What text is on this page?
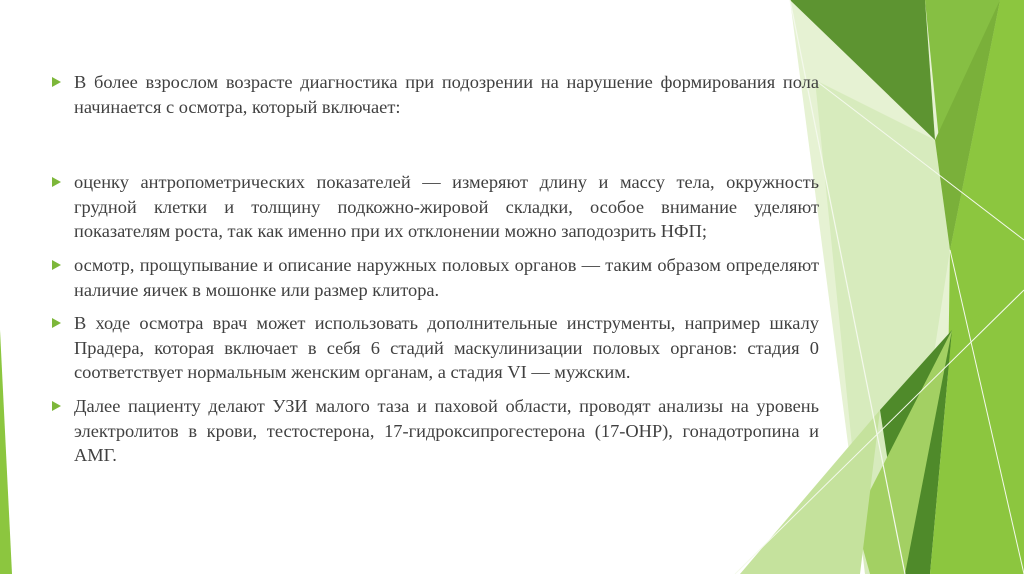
В более взрослом возрасте диагностика при подозрении на нарушение формирования пола начинается с осмотра, который включает:
оценку антропометрических показателей — измеряют длину и массу тела, окружность грудной клетки и толщину подкожно-жировой складки, особое внимание уделяют показателям роста, так как именно при их отклонении можно заподозрить НФП;
осмотр, прощупывание и описание наружных половых органов — таким образом определяют наличие яичек в мошонке или размер клитора.
В ходе осмотра врач может использовать дополнительные инструменты, например шкалу Прадера, которая включает в себя 6 стадий маскулинизации половых органов: стадия 0 соответствует нормальным женским органам, а стадия VI — мужским.
Далее пациенту делают УЗИ малого таза и паховой области, проводят анализы на уровень электролитов в крови, тестостерона, 17-гидроксипрогестерона (17-OHP), гонадотропина и АМГ.
